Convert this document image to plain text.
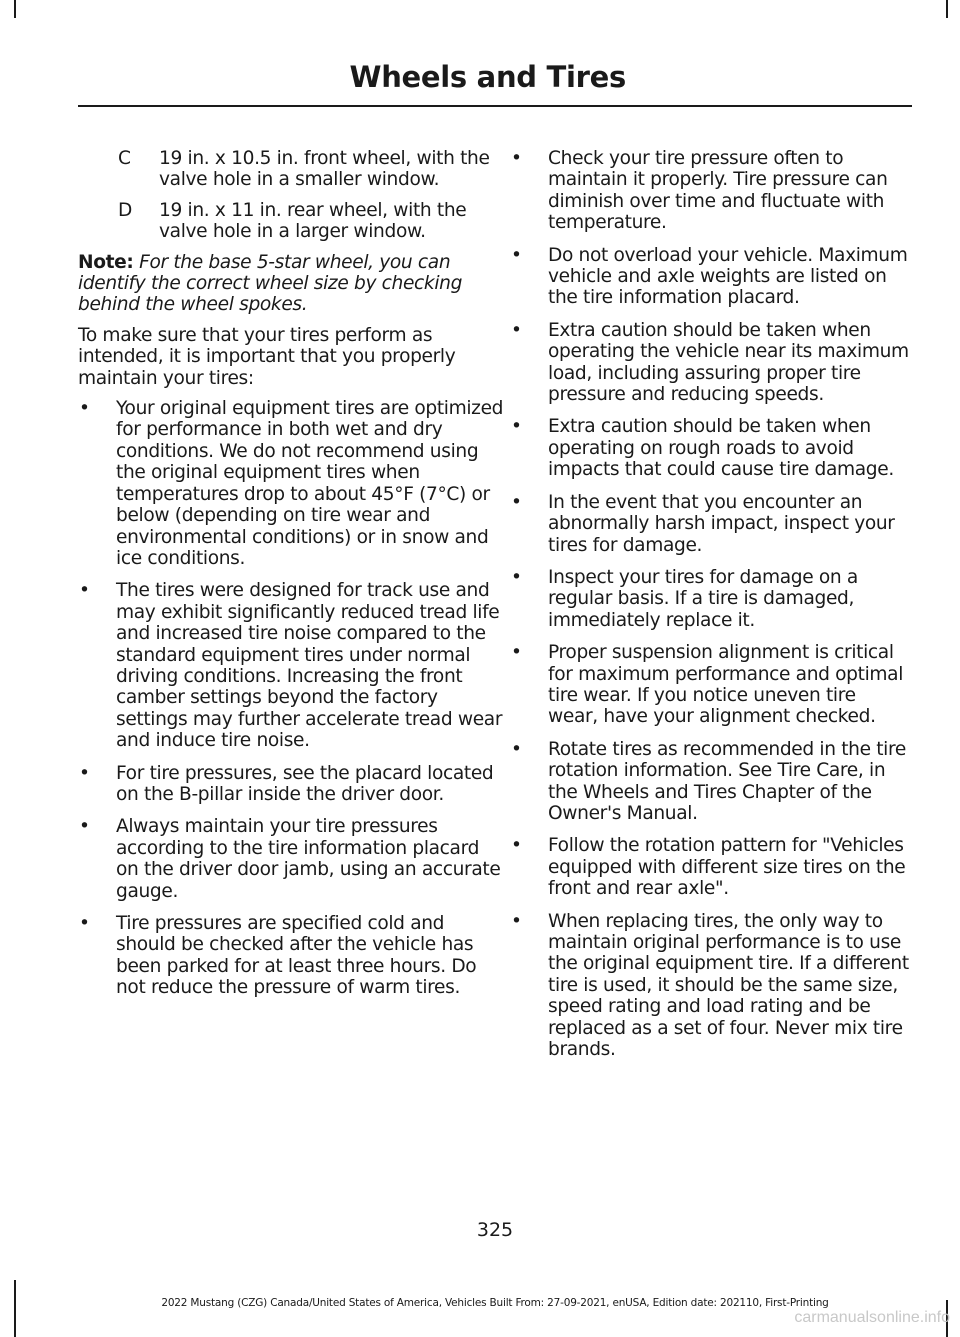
Wheels and Tires
C	19 in. x 10.5 in. front wheel, with the valve hole in a smaller window.
D	19 in. x 11 in. rear wheel, with the valve hole in a larger window.

Note: For the base 5-star wheel, you can identify the correct wheel size by checking behind the wheel spokes.

To make sure that your tires perform as intended, it is important that you properly maintain your tires:

•	Your original equipment tires are optimized for performance in both wet and dry conditions. We do not recommend using the original equipment tires when temperatures drop to about 45°F (7°C) or below (depending on tire wear and environmental conditions) or in snow and ice conditions.
•	The tires were designed for track use and may exhibit significantly reduced tread life and increased tire noise compared to the standard equipment tires under normal driving conditions. Increasing the front camber settings beyond the factory settings may further accelerate tread wear and induce tire noise.
•	For tire pressures, see the placard located on the B-pillar inside the driver door.
•	Always maintain your tire pressures according to the tire information placard on the driver door jamb, using an accurate gauge.
•	Tire pressures are specified cold and should be checked after the vehicle has been parked for at least three hours. Do not reduce the pressure of warm tires.
•	Check your tire pressure often to maintain it properly. Tire pressure can diminish over time and fluctuate with temperature.
•	Do not overload your vehicle. Maximum vehicle and axle weights are listed on the tire information placard.
•	Extra caution should be taken when operating the vehicle near its maximum load, including assuring proper tire pressure and reducing speeds.
•	Extra caution should be taken when operating on rough roads to avoid impacts that could cause tire damage.
•	In the event that you encounter an abnormally harsh impact, inspect your tires for damage.
•	Inspect your tires for damage on a regular basis. If a tire is damaged, immediately replace it.
•	Proper suspension alignment is critical for maximum performance and optimal tire wear. If you notice uneven tire wear, have your alignment checked.
•	Rotate tires as recommended in the tire rotation information. See Tire Care, in the Wheels and Tires Chapter of the Owner's Manual.
•	Follow the rotation pattern for "Vehicles equipped with different size tires on the front and rear axle".
•	When replacing tires, the only way to maintain original performance is to use the original equipment tire. If a different tire is used, it should be the same size, speed rating and load rating and be replaced as a set of four. Never mix tire brands.
325
2022 Mustang (CZG) Canada/United States of America, Vehicles Built From: 27-09-2021, enUSA, Edition date: 202110, First-Printing
carmanualsonline.info
